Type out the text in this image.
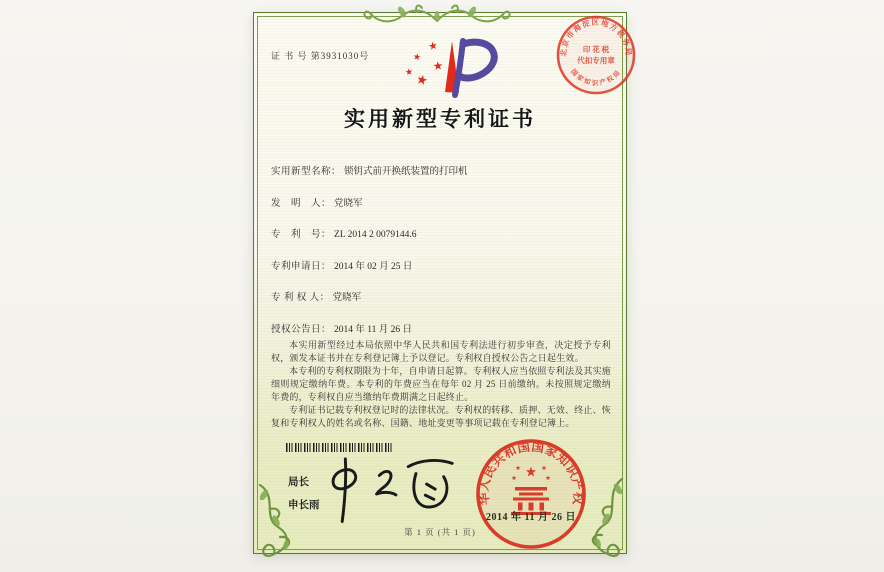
证 书 号 第3931030号
实用新型专利证书
实用新型名称： 锁钥式前开换纸装置的打印机
发　明　人： 党晓军
专　利　号： ZL 2014 2 0079144.6
专利申请日： 2014 年 02 月 25 日
专 利 权 人： 党晓军
授权公告日： 2014 年 11 月 26 日

本实用新型经过本局依照中华人民共和国专利法进行初步审查，决定授予专利权，颁发本证书并在专利登记簿上予以登记。专利权自授权公告之日起生效。

本专利的专利权期限为十年，自申请日起算。专利权人应当依照专利法及其实施细则规定缴纳年费。本专利的年费应当在每年 02 月 25 日前缴纳。未按照规定缴纳年费的，专利权自应当缴纳年费期满之日起终止。

专利证书记载专利权登记时的法律状况。专利权的转移、质押、无效、终止、恢复和专利权人的姓名或名称、国籍、地址变更等事项记载在专利登记簿上。

局长
申长雨
中华人民共和国国家知识产权局
2014 年 11 月 26 日
北京市海淀区地方税务局
国家知识产权局
印 花 税
代扣专用章
第 1 页 (共 1 页)
